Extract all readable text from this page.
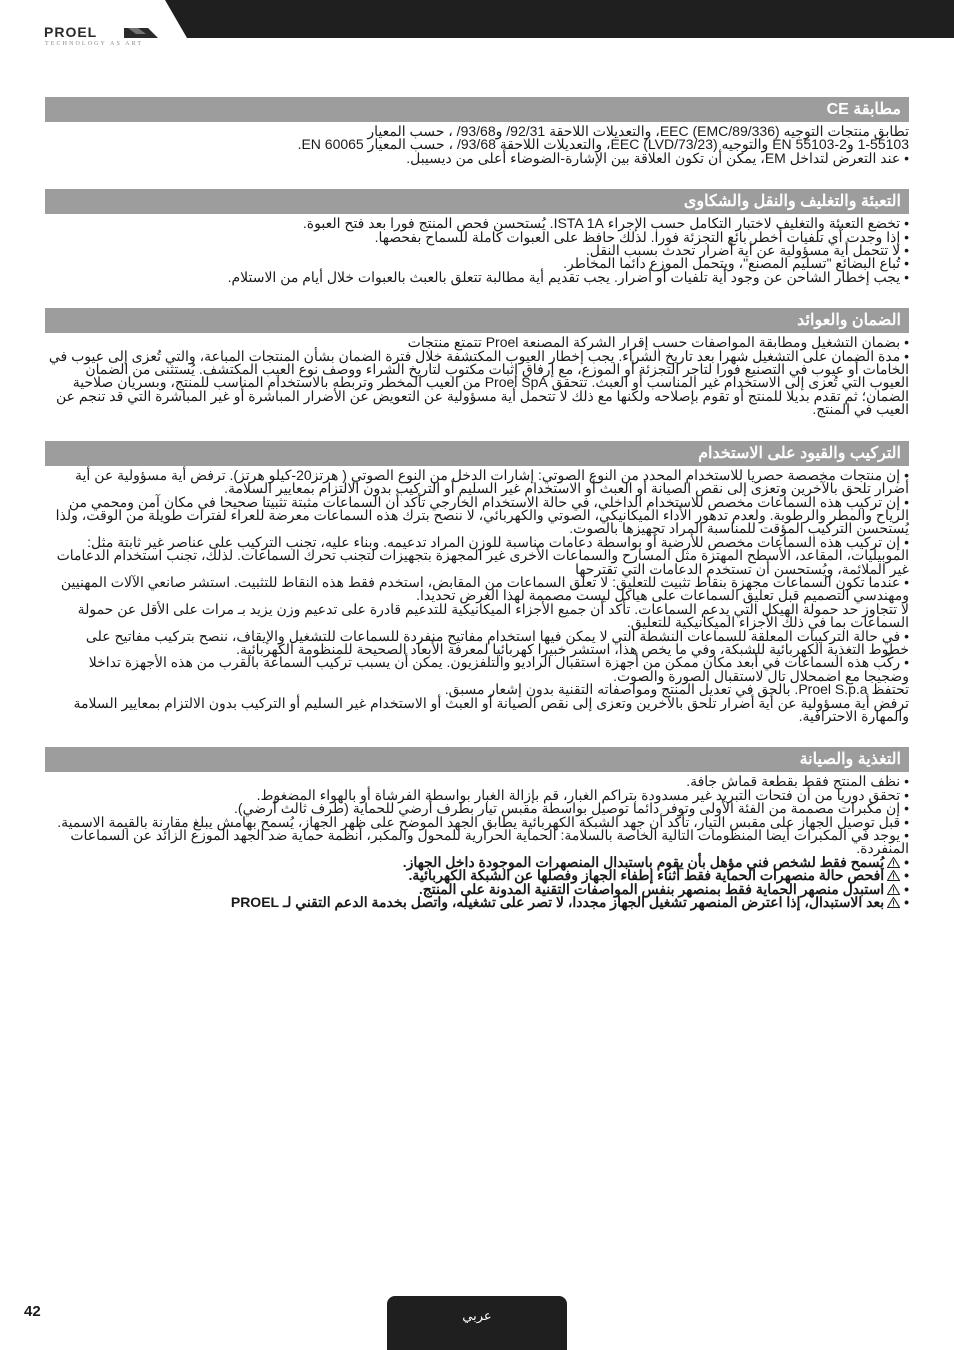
PROEL
TECHNOLOGY AS ART
مطابقة CE

تطابق منتجات التوجيه EEC (EMC/89/336)، والتعديلات اللاحقة 92/31/ و93/68/ ، حسب المعيار

1-55103 و2-EN 55103 والتوجيه EEC (LVD/73/23)، والتعديلات اللاحقة 93/68/ ، حسب المعيار EN 60065.

• عند التعرض لتداخل EM، يمكن أن تكون العلاقة بين الإشارة-الضوضاء أعلى من ديسيبل.

التعبئة والتغليف والنقل والشكاوى

• تخضع التعبئة والتغليف لاختبار التكامل حسب الإجراء ISTA 1A. يُستحسن فحص المنتج فورا بعد فتح العبوة.

• إذا وجدت أي تلفيات أخطر بائع التجزئة فورا. لذلك حافظ على العبوات كاملة للسماح بفحصها.

• لا تتحمل أية مسؤولية عن أية أضرار تحدث بسبب النقل.

• تُباع البضائع "تسليم المصنع"، ويتحمل الموزع دائما المخاطر.

• يجب إخطار الشاحن عن وجود أية تلفيات أو أضرار. يجب تقديم أية مطالبة تتعلق بالعبث بالعبوات خلال أيام من الاستلام.

الضمان والعوائد

• بضمان التشغيل ومطابقة المواصفات حسب إقرار الشركة المصنعة Proel تتمتع منتجات

• مدة الضمان على التشغيل شهرا بعد تاريخ الشراء. يجب إخطار العيوب المكتشفة خلال فترة الضمان بشأن المنتجات المباعة، والتي تُعزى إلى عيوب في الخامات أو عيوب في التصنيع فورا لتاجر التجزئة أو الموزع، مع إرفاق إثبات مكتوب لتاريخ الشراء ووصف نوع العيب المكتشف. يُستثنى من الضمان العيوب التي تُعزى إلى الاستخدام غير المناسب أو العبث. تتحقق Proel SpA من العيب المخطر وتربطه بالاستخدام المناسب للمنتج، وبسريان صلاحية الضمان؛ ثم تقدم بديلا للمنتج أو تقوم بإصلاحه ولكنها مع ذلك لا تتحمل أية مسؤولية عن التعويض عن الأضرار المباشرة أو غير المباشرة التي قد تنجم عن العيب في المنتج.

التركيب والقيود على الاستخدام

• إن منتجات مخصصة حصريا للاستخدام المحدد من النوع الصوتي: إشارات الدخل من النوع الصوتي ( هرتز20-كيلو هرتز). ترفض أية مسؤولية عن أية أضرار تلحق بالآخرين وتعزى إلى نقص الصيانة أو العبث أو الاستخدام غير السليم أو التركيب بدون الالتزام بمعايير السلامة.

• إن تركيب هذه السماعات مخصص للاستخدام الداخلي، في حالة الاستخدام الخارجي تأكد أن السماعات مثبتة تثبيتا صحيحا في مكان آمن ومحمي من الرياح والمطر والرطوبة. ولعدم تدهور الأداء الميكانيكي، الصوتي والكهربائي، لا ننصح بترك هذه السماعات معرضة للعراء لفترات طويلة من الوقت، ولذا يُستحسن التركيب المؤقت للمناسبة المراد تجهيزها بالصوت.

• إن تركيب هذه السماعات مخصص للأرضية أو بواسطة دعامات مناسبة للوزن المراد تدعيمه. وبناء عليه، تجنب التركيب على عناصر غير ثابتة مثل: الموبيليات، المقاعد، الأسطح المهتزة مثل المسارح والسماعات الأخرى غير المجهزة بتجهيزات لتجنب تحرك السماعات. لذلك، تجنب استخدام الدعامات غير الملائمة، ويُستحسن أن تستخدم الدعامات التي تقترحها

• عندما تكون السماعات مجهزة بنقاط تثبيت للتعليق: لا تعلق السماعات من المقابض، استخدم فقط هذه النقاط للتثبيت. استشر صانعي الآلات المهنيين ومهندسي التصميم قبل تعليق السماعات على هياكل ليست مصممة لهذا الغرض تحديدا.

لا تتجاوز حد حمولة الهيكل التي يدعم السماعات. تأكد أن جميع الأجزاء الميكانيكية للتدعيم قادرة على تدعيم وزن يزيد بـ مرات على الأقل عن حمولة السماعات بما في ذلك الأجزاء الميكانيكية للتعليق.

• في حالة التركيبات المعلقة للسماعات النشطة التي لا يمكن فيها استخدام مفاتيح منفردة للسماعات للتشغيل والإيقاف، ننصح بتركيب مفاتيح على خطوط التغذية الكهربائية للشبكة، وفي ما يخص هذا، استشر خبيرا كهربائيا لمعرفة الأبعاد الصحيحة للمنظومة الكهربائية.

• ركّب هذه السماعات في أبعد مكان ممكن من أجهزة استقبال الراديو والتلفزيون. يمكن أن يسبب تركيب السماعة بالقرب من هذه الأجهزة تداخلا وضجيجا مع اضمحلال تال لاستقبال الصورة والصوت.

تحتفظ Proel S.p.a. بالحق في تعديل المنتج ومواصفاته التقنية بدون إشعار مسبق.

ترفض أية مسؤولية عن أية أضرار تلحق بالآخرين وتعزى إلى نقص الصيانة أو العبث أو الاستخدام غير السليم أو التركيب بدون الالتزام بمعايير السلامة والمهارة الاحترافية.

التغذية والصيانة

• نظف المنتج فقط بقطعة قماش جافة.

• تحقق دوريا من أن فتحات التبريد غير مسدودة بتراكم الغبار، قم بإزالة الغبار بواسطة الفرشاة أو بالهواء المضغوط.

• إن مكبرات مصممة من الفئة الأولى وتوفر دائما توصيل بواسطة مقبس تيار بطرف أرضي للحماية (طرف ثالث أرضي).

• قبل توصيل الجهاز على مقبس التيار، تأكد أن جهد الشبكة الكهربائية يطابق الجهد الموضح على ظهر الجهاز، يُسمح بهامش يبلغ مقارنة بالقيمة الاسمية.

• يوجد في المكبرات أيضا المنظومات التالية الخاصة بالسلامة: الحماية الحرارية للمحول والمكبر، أنظمة حماية ضد الجهد الموزع الزائد عن السماعات المنفردة.

• يُسمح فقط لشخص فني مؤهل بأن يقوم باستبدال المنصهرات الموجودة داخل الجهاز.

• افحص حالة منصهرات الحماية فقط أثناء إطفاء الجهاز وفصلها عن الشبكة الكهربائية.

• استبدل منصهر الحماية فقط بمنصهر بنفس المواصفات التقنية المدونة على المنتج.

• بعد الاستبدال، إذا اعترض المنصهر تشغيل الجهاز مجددا، لا تصر على تشغيله، واتصل بخدمة الدعم التقني لـ PROEL

42	عربي
